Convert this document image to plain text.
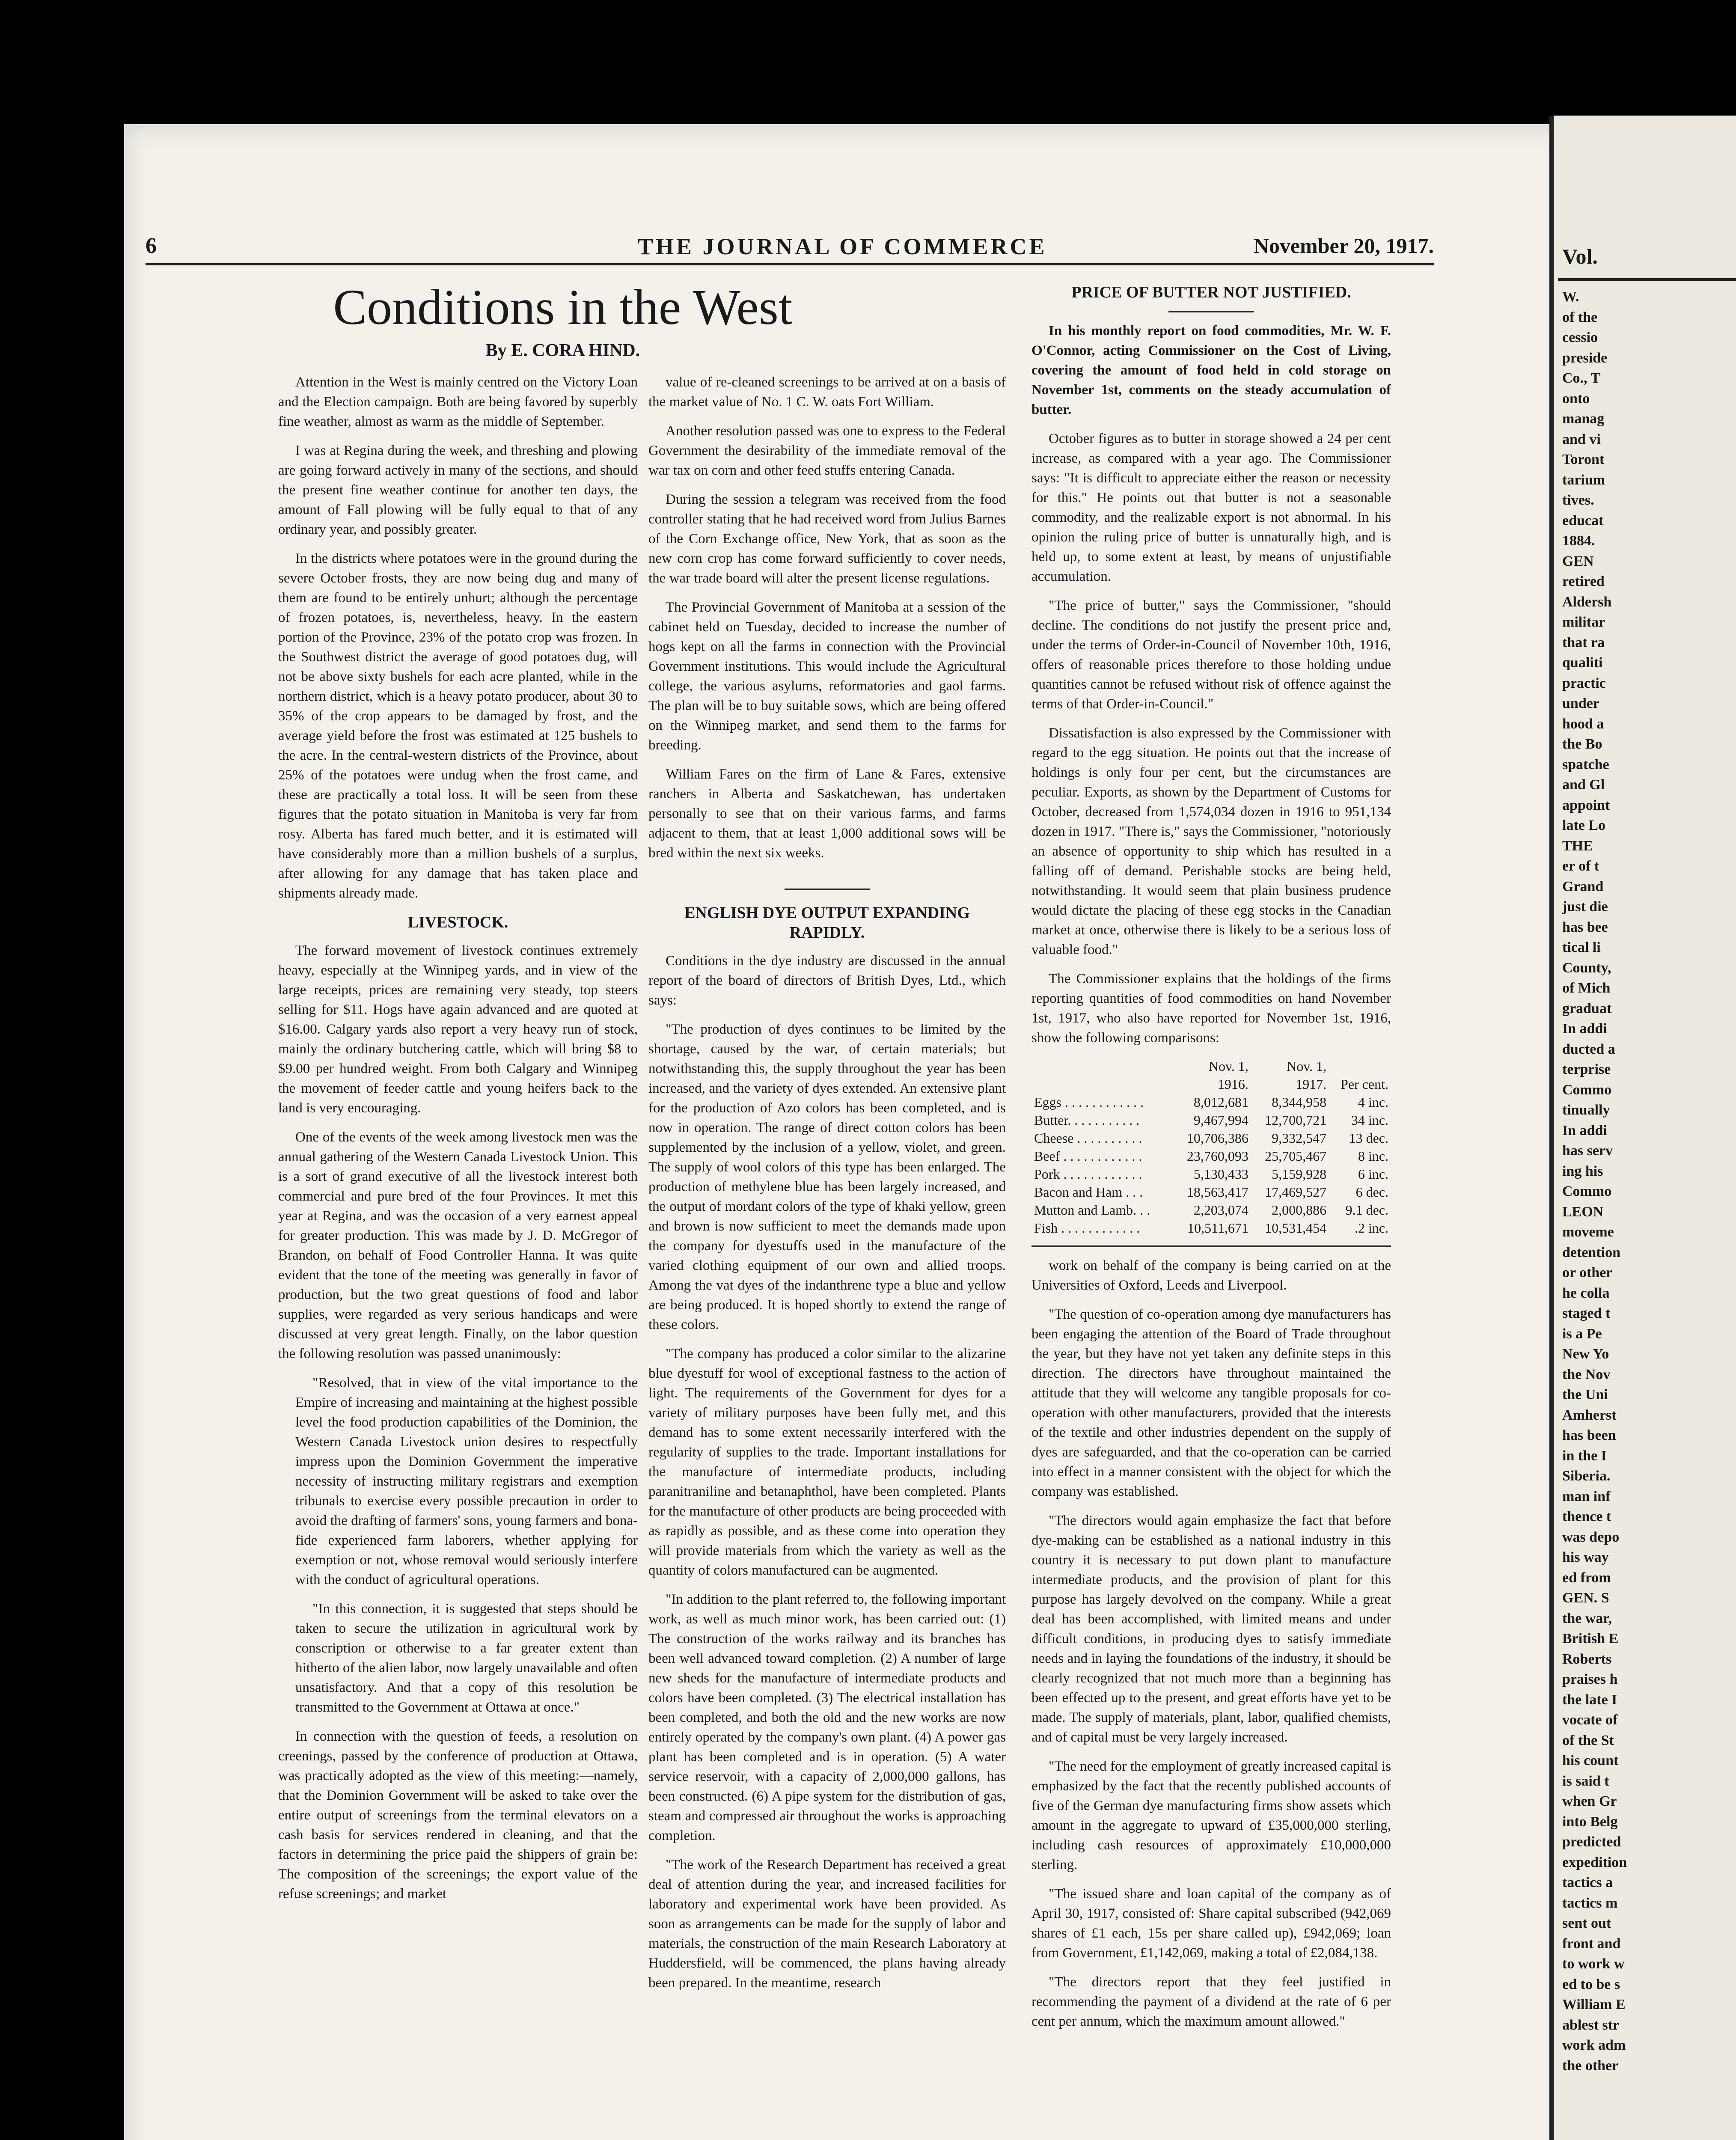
6	THE JOURNAL OF COMMERCE	November 20, 1917.
Conditions in the West
By E. CORA HIND.

Attention in the West is mainly centred on the Victory Loan and the Election campaign. Both are being favored by superbly fine weather, almost as warm as the middle of September.

I was at Regina during the week, and threshing and plowing are going forward actively in many of the sections, and should the present fine weather continue for another ten days, the amount of Fall plowing will be fully equal to that of any ordinary year, and possibly greater.

In the districts where potatoes were in the ground during the severe October frosts, they are now being dug and many of them are found to be entirely unhurt; although the percentage of frozen potatoes, is, nevertheless, heavy. In the eastern portion of the Province, 23% of the potato crop was frozen. In the Southwest district the average of good potatoes dug, will not be above sixty bushels for each acre planted, while in the northern district, which is a heavy potato producer, about 30 to 35% of the crop appears to be damaged by frost, and the average yield before the frost was estimated at 125 bushels to the acre. In the central-western districts of the Province, about 25% of the potatoes were undug when the frost came, and these are practically a total loss. It will be seen from these figures that the potato situation in Manitoba is very far from rosy. Alberta has fared much better, and it is estimated will have considerably more than a million bushels of a surplus, after allowing for any damage that has taken place and shipments already made.

LIVESTOCK.

The forward movement of livestock continues extremely heavy, especially at the Winnipeg yards, and in view of the large receipts, prices are remaining very steady, top steers selling for $11. Hogs have again advanced and are quoted at $16.00. Calgary yards also report a very heavy run of stock, mainly the ordinary butchering cattle, which will bring $8 to $9.00 per hundred weight. From both Calgary and Winnipeg the movement of feeder cattle and young heifers back to the land is very encouraging.

One of the events of the week among livestock men was the annual gathering of the Western Canada Livestock Union. This is a sort of grand executive of all the livestock interest both commercial and pure bred of the four Provinces. It met this year at Regina, and was the occasion of a very earnest appeal for greater production. This was made by J. D. McGregor of Brandon, on behalf of Food Controller Hanna. It was quite evident that the tone of the meeting was generally in favor of production, but the two great questions of food and labor supplies, were regarded as very serious handicaps and were discussed at very great length. Finally, on the labor question the following resolution was passed unanimously:

"Resolved, that in view of the vital importance to the Empire of increasing and maintaining at the highest possible level the food production capabilities of the Dominion, the Western Canada Livestock union desires to respectfully impress upon the Dominion Government the imperative necessity of instructing military registrars and exemption tribunals to exercise every possible precaution in order to avoid the drafting of farmers' sons, young farmers and bona-fide experienced farm laborers, whether applying for exemption or not, whose removal would seriously interfere with the conduct of agricultural operations.

"In this connection, it is suggested that steps should be taken to secure the utilization in agricultural work by conscription or otherwise to a far greater extent than hitherto of the alien labor, now largely unavailable and often unsatisfactory. And that a copy of this resolution be transmitted to the Government at Ottawa at once."

In connection with the question of feeds, a resolution on creenings, passed by the conference of production at Ottawa, was practically adopted as the view of this meeting:—namely, that the Dominion Government will be asked to take over the entire output of screenings from the terminal elevators on a cash basis for services rendered in cleaning, and that the factors in determining the price paid the shippers of grain be: The composition of the screenings; the export value of the refuse screenings; and market

value of re-cleaned screenings to be arrived at on a basis of the market value of No. 1 C. W. oats Fort William.

Another resolution passed was one to express to the Federal Government the desirability of the immediate removal of the war tax on corn and other feed stuffs entering Canada.

During the session a telegram was received from the food controller stating that he had received word from Julius Barnes of the Corn Exchange office, New York, that as soon as the new corn crop has come forward sufficiently to cover needs, the war trade board will alter the present license regulations.

The Provincial Government of Manitoba at a session of the cabinet held on Tuesday, decided to increase the number of hogs kept on all the farms in connection with the Provincial Government institutions. This would include the Agricultural college, the various asylums, reformatories and gaol farms. The plan will be to buy suitable sows, which are being offered on the Winnipeg market, and send them to the farms for breeding.

William Fares on the firm of Lane & Fares, extensive ranchers in Alberta and Saskatchewan, has undertaken personally to see that on their various farms, and farms adjacent to them, that at least 1,000 additional sows will be bred within the next six weeks.

ENGLISH DYE OUTPUT EXPANDING RAPIDLY.

Conditions in the dye industry are discussed in the annual report of the board of directors of British Dyes, Ltd., which says:

"The production of dyes continues to be limited by the shortage, caused by the war, of certain materials; but notwithstanding this, the supply throughout the year has been increased, and the variety of dyes extended. An extensive plant for the production of Azo colors has been completed, and is now in operation. The range of direct cotton colors has been supplemented by the inclusion of a yellow, violet, and green. The supply of wool colors of this type has been enlarged. The production of methylene blue has been largely increased, and the output of mordant colors of the type of khaki yellow, green and brown is now sufficient to meet the demands made upon the company for dyestuffs used in the manufacture of the varied clothing equipment of our own and allied troops. Among the vat dyes of the indanthrene type a blue and yellow are being produced. It is hoped shortly to extend the range of these colors.

"The company has produced a color similar to the alizarine blue dyestuff for wool of exceptional fastness to the action of light. The requirements of the Government for dyes for a variety of military purposes have been fully met, and this demand has to some extent necessarily interfered with the regularity of supplies to the trade. Important installations for the manufacture of intermediate products, including paranitraniline and betanaphthol, have been completed. Plants for the manufacture of other products are being proceeded with as rapidly as possible, and as these come into operation they will provide materials from which the variety as well as the quantity of colors manufactured can be augmented.

"In addition to the plant referred to, the following important work, as well as much minor work, has been carried out: (1) The construction of the works railway and its branches has been well advanced toward completion. (2) A number of large new sheds for the manufacture of intermediate products and colors have been completed. (3) The electrical installation has been completed, and both the old and the new works are now entirely operated by the company's own plant. (4) A power gas plant has been completed and is in operation. (5) A water service reservoir, with a capacity of 2,000,000 gallons, has been constructed. (6) A pipe system for the distribution of gas, steam and compressed air throughout the works is approaching completion.

"The work of the Research Department has received a great deal of attention during the year, and increased facilities for laboratory and experimental work have been provided. As soon as arrangements can be made for the supply of labor and materials, the construction of the main Research Laboratory at Huddersfield, will be commenced, the plans having already been prepared. In the meantime, research

PRICE OF BUTTER NOT JUSTIFIED.

In his monthly report on food commodities, Mr. W. F. O'Connor, acting Commissioner on the Cost of Living, covering the amount of food held in cold storage on November 1st, comments on the steady accumulation of butter.

October figures as to butter in storage showed a 24 per cent increase, as compared with a year ago. The Commissioner says: "It is difficult to appreciate either the reason or necessity for this." He points out that butter is not a seasonable commodity, and the realizable export is not abnormal. In his opinion the ruling price of butter is unnaturally high, and is held up, to some extent at least, by means of unjustifiable accumulation.

"The price of butter," says the Commissioner, "should decline. The conditions do not justify the present price and, under the terms of Order-in-Council of November 10th, 1916, offers of reasonable prices therefore to those holding undue quantities cannot be refused without risk of offence against the terms of that Order-in-Council."

Dissatisfaction is also expressed by the Commissioner with regard to the egg situation. He points out that the increase of holdings is only four per cent, but the circumstances are peculiar. Exports, as shown by the Department of Customs for October, decreased from 1,574,034 dozen in 1916 to 951,134 dozen in 1917. "There is," says the Commissioner, "notoriously an absence of opportunity to ship which has resulted in a falling off of demand. Perishable stocks are being held, notwithstanding. It would seem that plain business prudence would dictate the placing of these egg stocks in the Canadian market at once, otherwise there is likely to be a serious loss of valuable food."

The Commissioner explains that the holdings of the firms reporting quantities of food commodities on hand November 1st, 1917, who also have reported for November 1st, 1916, show the following comparisons:

	Nov. 1,	Nov. 1,	
	1916.	1917.	Per cent.
Eggs . . . . . . . . . . . .	8,012,681	8,344,958	4 inc.
Butter. . . . . . . . . . .	9,467,994	12,700,721	34 inc.
Cheese . . . . . . . . . .	10,706,386	9,332,547	13 dec.
Beef . . . . . . . . . . . .	23,760,093	25,705,467	8 inc.
Pork . . . . . . . . . . . .	5,130,433	5,159,928	6 inc.
Bacon and Ham . . .	18,563,417	17,469,527	6 dec.
Mutton and Lamb. . .	2,203,074	2,000,886	9.1 dec.
Fish . . . . . . . . . . . .	10,511,671	10,531,454	.2 inc.

work on behalf of the company is being carried on at the Universities of Oxford, Leeds and Liverpool.

"The question of co-operation among dye manufacturers has been engaging the attention of the Board of Trade throughout the year, but they have not yet taken any definite steps in this direction. The directors have throughout maintained the attitude that they will welcome any tangible proposals for co-operation with other manufacturers, provided that the interests of the textile and other industries dependent on the supply of dyes are safeguarded, and that the co-operation can be carried into effect in a manner consistent with the object for which the company was established.

"The directors would again emphasize the fact that before dye-making can be established as a national industry in this country it is necessary to put down plant to manufacture intermediate products, and the provision of plant for this purpose has largely devolved on the company. While a great deal has been accomplished, with limited means and under difficult conditions, in producing dyes to satisfy immediate needs and in laying the foundations of the industry, it should be clearly recognized that not much more than a beginning has been effected up to the present, and great efforts have yet to be made. The supply of materials, plant, labor, qualified chemists, and of capital must be very largely increased.

"The need for the employment of greatly increased capital is emphasized by the fact that the recently published accounts of five of the German dye manufacturing firms show assets which amount in the aggregate to upward of £35,000,000 sterling, including cash resources of approximately £10,000,000 sterling.

"The issued share and loan capital of the company as of April 30, 1917, consisted of: Share capital subscribed (942,069 shares of £1 each, 15s per share called up), £942,069; loan from Government, £1,142,069, making a total of £2,084,138.

"The directors report that they feel justified in recommending the payment of a dividend at the rate of 6 per cent per annum, which the maximum amount allowed."

Vol.
W.
of the
cessio
preside
Co., T
onto
manag
and vi
Toront
tarium
tives.
educat
1884.
GEN
retired
Aldersh
militar
that ra
qualiti
practic
under
hood a
the Bo
spatche
and Gl
appoint
late Lo
THE
er of t
Grand
just die
has bee
tical li
County,
of Mich
graduat
In addi
ducted a
terprise
Commo
tinually
In addi
has serv
ing his
Commo
LEON
moveme
detention
or other
he colla
staged t
is a Pe
New Yo
the Nov
the Uni
Amherst
has been
in the I
Siberia.
man inf
thence t
was depo
his way
ed from
GEN. S
the war,
British E
Roberts
praises h
the late I
vocate of
of the St
his count
is said t
when Gr
into Belg
predicted
expedition
tactics a
tactics m
sent out
front and
to work w
ed to be s
William E
ablest str
work adm
the other
